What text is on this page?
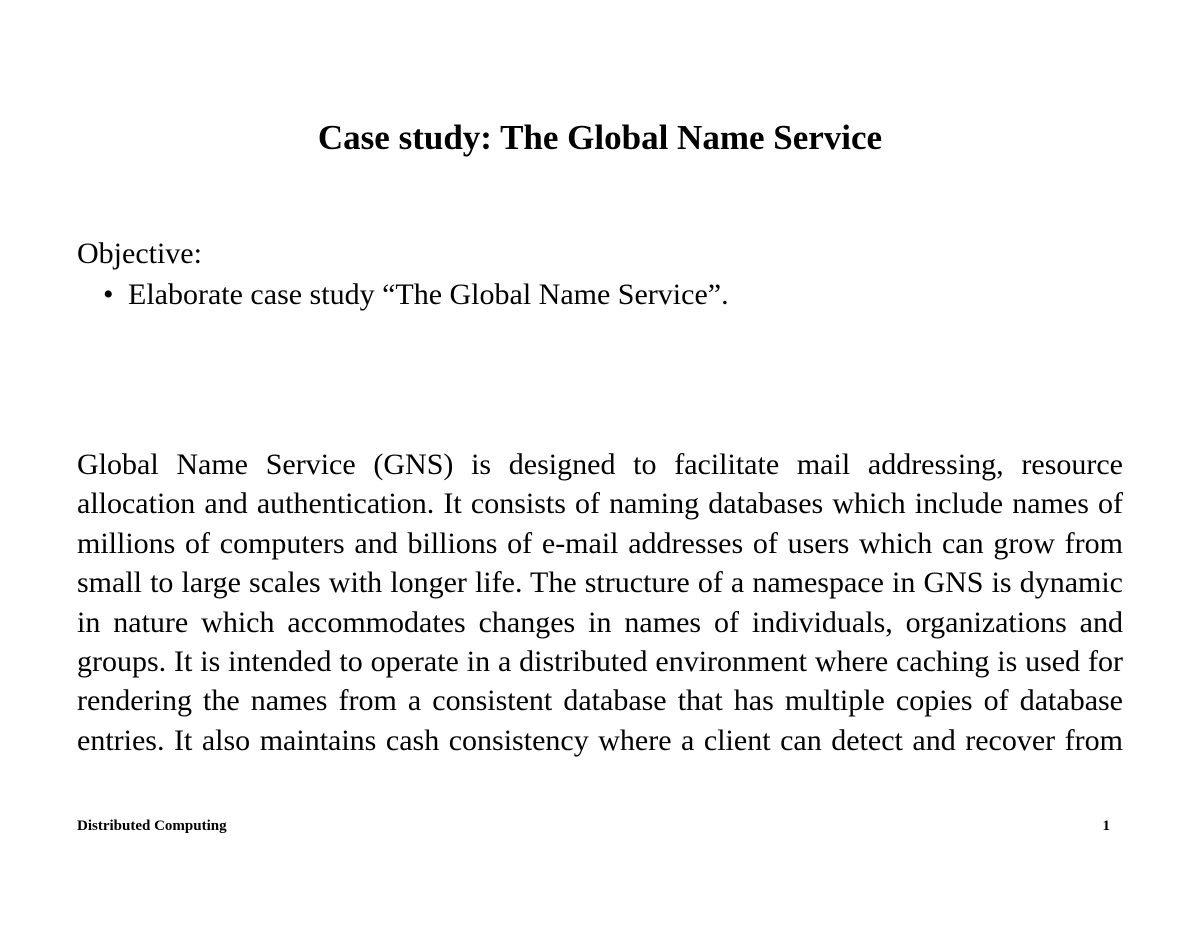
Case study: The Global Name Service

Objective:

• Elaborate case study “The Global Name Service”.

Global Name Service (GNS) is designed to facilitate mail addressing, resource allocation and authentication. It consists of naming databases which include names of millions of computers and billions of e-mail addresses of users which can grow from small to large scales with longer life. The structure of a namespace in GNS is dynamic in nature which accommodates changes in names of individuals, organizations and groups. It is intended to operate in a distributed environment where caching is used for rendering the names from a consistent database that has multiple copies of database entries. It also maintains cash consistency where a client can detect and recover from

Distributed Computing	1
